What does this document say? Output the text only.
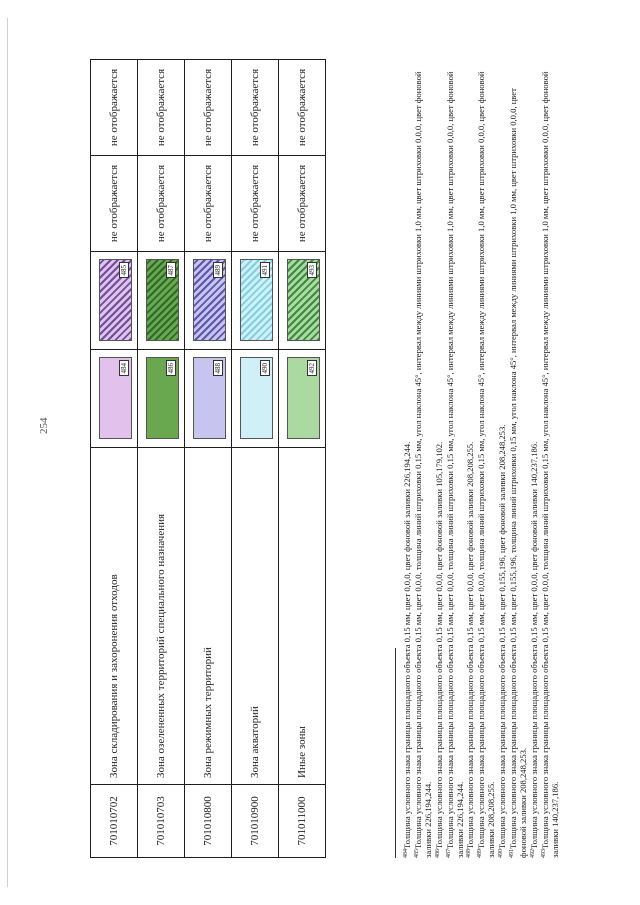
254
701010702	Зона складирования и захоронения отходов	484	485	не отображается	не отображается
701010703	Зона озелененных территорий специального назначения	486	487	не отображается	не отображается
701010800	Зона режимных территорий	488	489	не отображается	не отображается
701010900	Зона акваторий	490	491	не отображается	не отображается
701011000	Иные зоны	492	493	не отображается	не отображается

$^{484}$Толщина условного знака границы площадного объекта 0,15 мм, цвет 0,0,0, цвет фоновой заливки 226,194,244.

$^{485}$Толщина условного знака границы площадного объекта 0,15 мм, цвет 0,0,0, толщина линий штриховки 0,15 мм, угол наклона 45°, интервал между линиями штриховки 1,0 мм, цвет штриховки 0,0,0, цвет фоновой заливки 226,194,244. $^{486}$Толщина условного знака границы площадного объекта 0,15 мм, цвет 0,0,0, цвет фоновой заливки 105,179,102.

$^{487}$Толщина условного знака границы площадного объекта 0,15 мм, цвет 0,0,0, толщина линий штриховки 0,15 мм, угол наклона 45°, интервал между линиями штриховки 1,0 мм, цвет штриховки 0,0,0, цвет фоновой заливки 226,194,244. $^{488}$Толщина условного знака границы площадного объекта 0,15 мм, цвет 0,0,0, цвет фоновой заливки 208,208,255.

$^{489}$Толщина условного знака границы площадного объекта 0,15 мм, цвет 0,0,0, толщина линий штриховки 0,15 мм, угол наклона 45°, интервал между линиями штриховки 1,0 мм, цвет штриховки 0,0,0, цвет фоновой заливки 208,208,255. $^{490}$Толщина условного знака границы площадного объекта 0,15 мм, цвет 0,155,196, цвет фоновой заливки 208,248,253.

$^{491}$Толщина условного знака границы площадного объекта 0,15 мм, цвет 0,155,196, толщина линий штриховки 0,15 мм, угол наклона 45°, интервал между линиями штриховки 1,0 мм, цвет штриховки 0,0,0, цвет фоновой заливки 208,248,253. $^{492}$Толщина условного знака границы площадного объекта 0,15 мм, цвет 0,0,0, цвет фоновой заливки 140,237,186.

$^{493}$Толщина условного знака границы площадного объекта 0,15 мм, цвет 0,0,0, толщина линий штриховки 0,15 мм, угол наклона 45°, интервал между линиями штриховки 1,0 мм, цвет штриховки 0,0,0, цвет фоновой заливки 140,237,186.
